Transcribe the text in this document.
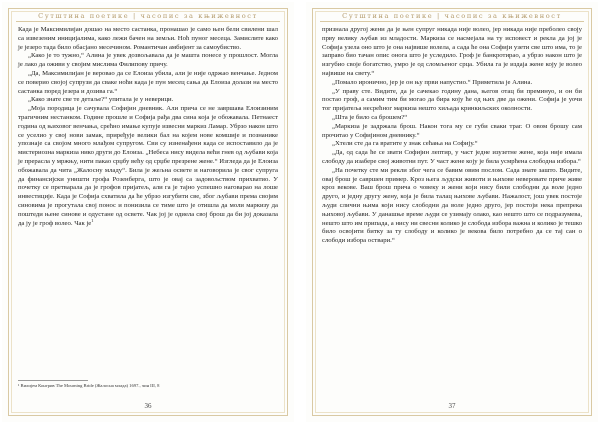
Сутштина поетике | часопис за књижевност

Када је Максимилијан дошао на место састанка, пронашао је само њен бели свилени шал са извезеним иницијалима, како лежи бачен на земљи. Ноћ пуног месеца. Замислите како је језеро тада било обасјано месечином. Романтичан амбијент за самоубиство.

„Како је то тужно,“ Алина је увек дозвољавала да је машта понесе у прошлост. Могла је лако да оживи у својим мислима Филипову причу.

„Да, Максимилијан је веровао да се Елоиза убила, али је није одржао венчање. Једном се поверио својој супрузи да сваке ноћи када је пун месец сања да Елоиза долази на место састанка поред језера и дозива га.“

„Како знате све те детаље?“ упитала је у неверици.

„Моја породица је сачувала Софијин дневник. Али прича се не завршава Елоизиним трагичним нестанком. Године прошле и Софија рађа два сина која је обожавала. Петнаест година од њиховог венчања, срећно имање купује извесни маркиз Ламар. Убрзо након што се уселио у свој нови замак, приређује велики бал на којем нове комшије и познанике упознаје са својом много млађом супругом. Сви су изненађени када се испоставило да је мистериозна маркиза нико други до Елоиза. „Небеса нису видела већи гнев од љубави која је прерасла у мржњу, нити пакао срџбу већу од срџбе презрене жене.“ Изгледа да је Елоиза обожавала да чита „Жалосну младу“. Била је жељна освете и наговорила је свог супруга да финансијски уништи грофа Розенберга, што је овај са задовољством прихватио. У почетку се претварала да је грофов пријатељ, али га је тајно успешно наговарао на лоше инвестиције. Када је Софија схватила да ће убрзо изгубити све, због љубави према својим синовима је прогутала свој понос и понизила се тиме што је отишла да моли маркизу да поштеди њене синове и одустане од освете. Чак јој је одиела свој брош да би јој доказала да ју је гроф волео. Чак је$^1$

¹ Вилијем Конгрив The Mourning Bride (Жалосна млада) 1697., чин III, 8
36
Сутштина поетике | часопис за књижевност

признала другој жени да је њен супруг никада није волео, јер никада није преболео своју прву велику љубав из младости. Маркиза се насмејала на ту исповест и рекла да јој је Софија узела оно што је она највише волела, а сада ће она Софији узети све што има, то је заправо био тачан опис онога што је уследило. Гроф је банкротирао, а убрзо након што је изгубио своје богатство, умро је од сломљеног срца. Убила га је издаја жене коју је волео највише на свету.“

„Помало иронично, јер је он њу први напустио.“ Приметила је Алина.

„У праву сте. Видите, да је сачекао годину дана, његов отац би преминуо, и он би постао гроф, а самим тим би могао да бира коју ће од њих две да ожени. Софија је уочи тог пријатеља несрећног маркиза нешто хиљада кринкиљских околности.

„Шта је било са брошем?“

„Маркиза је задржала брош. Након тога му се губи сваки траг. О овом брошу сам прочитао у Софијином дневнику.“

„Хтели сте да га вратите у знак сећања на Софију.“

„Да, од сада ће се звати Софијин лептир, у част једне изузетне жене, која није имала слободу да изабере свој животни пут. У част жене коју је била усмрћена слободна избора.“

„На почетку сте ми рекли због чега се бавим овим послом. Сада знате зашто. Видите, овај брош је савршен пример. Кроз њега људски животи и њихове неверовате приче живе кроз векове. Ваш брош прича о човеку и жени који нису били слободни да воле једно друго, и једну другу жену, која је била талац њихове љубави. Нажалост, још увек постоје људи слични њима који нису слободни да воле једно друго, јер постоји нека препрека њиховој љубави. У данашње време људи се узимају олако, као нешто што се подразумева, нешто што им припада, а нису ни свесни колико је слобода избора важна и колико је тешко било освојити битку за ту слободу и колико је векова било потребно да се тај сан о слободи избора оствари.“

37
